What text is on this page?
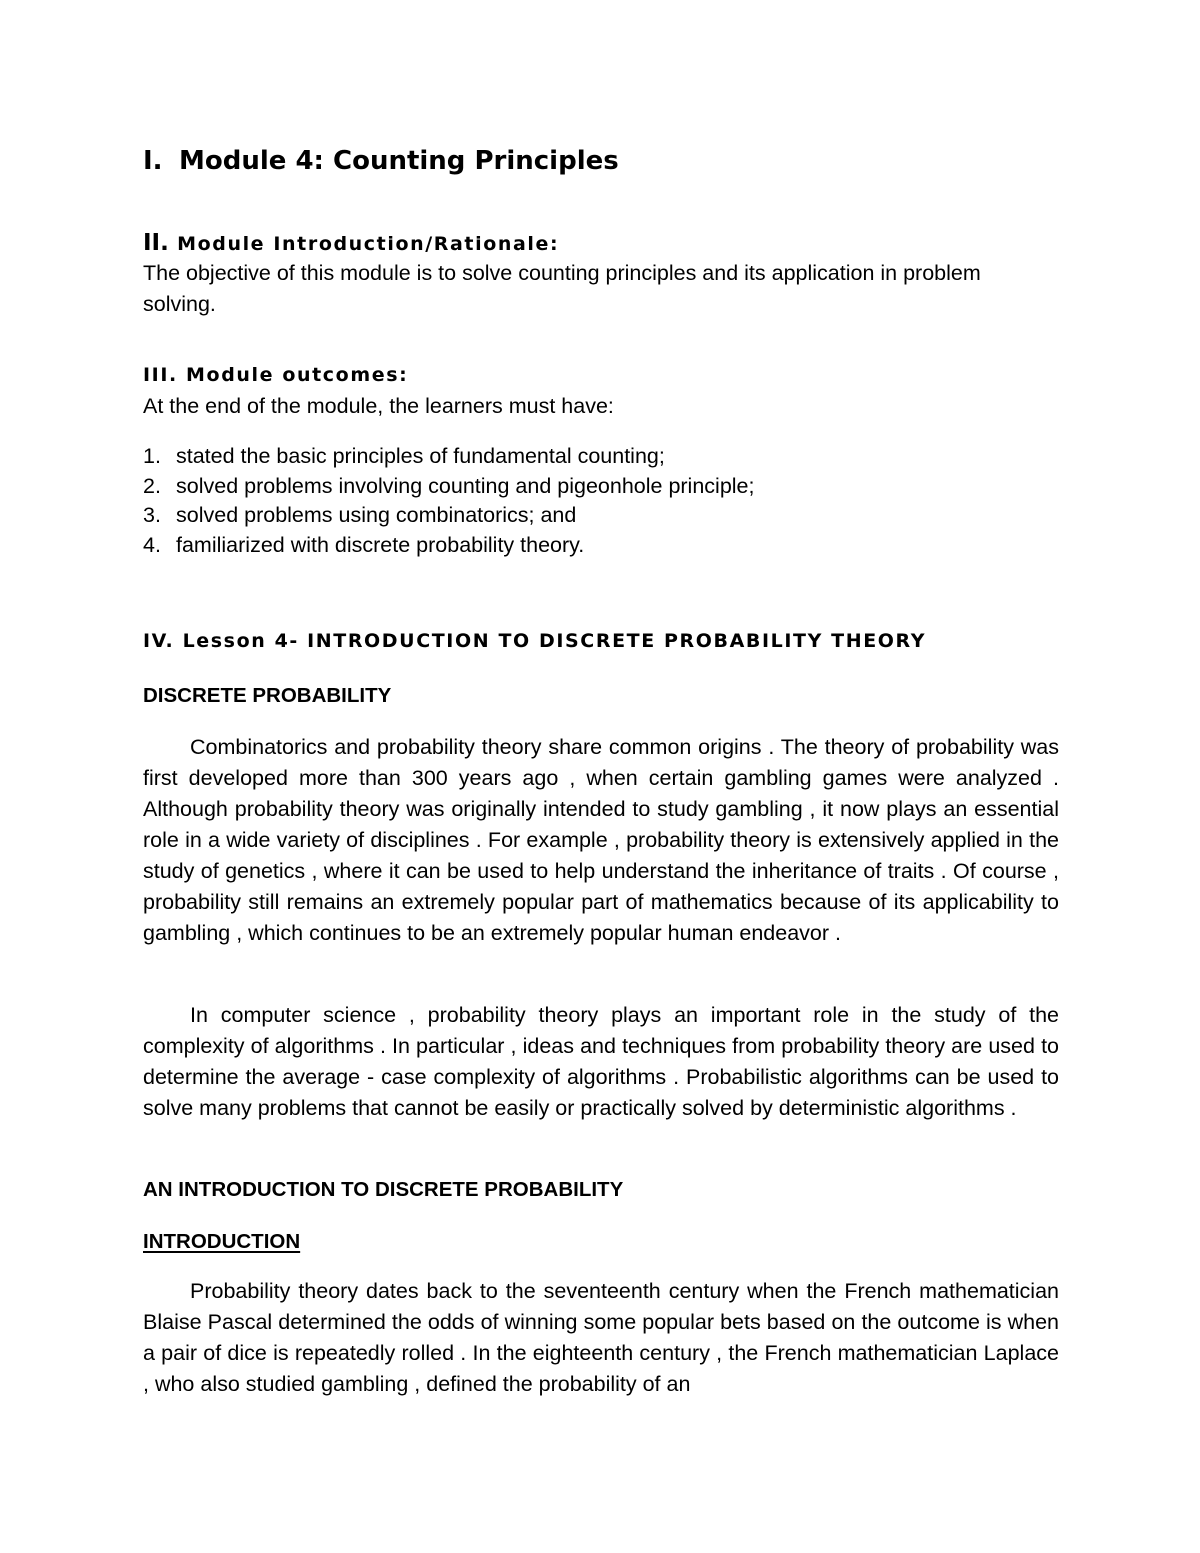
I. Module 4: Counting Principles
II. Module Introduction/Rationale:
The objective of this module is to solve counting principles and its application in problem solving.
III. Module outcomes:
At the end of the module, the learners must have:
1. stated the basic principles of fundamental counting;
2. solved problems involving counting and pigeonhole principle;
3. solved problems using combinatorics; and
4. familiarized with discrete probability theory.
IV. Lesson 4- INTRODUCTION TO DISCRETE PROBABILITY THEORY
DISCRETE PROBABILITY
Combinatorics and probability theory share common origins . The theory of probability was first developed more than 300 years ago , when certain gambling games were analyzed . Although probability theory was originally intended to study gambling , it now plays an essential role in a wide variety of disciplines . For example , probability theory is extensively applied in the study of genetics , where it can be used to help understand the inheritance of traits . Of course , probability still remains an extremely popular part of mathematics because of its applicability to gambling , which continues to be an extremely popular human endeavor .
In computer science , probability theory plays an important role in the study of the complexity of algorithms . In particular , ideas and techniques from probability theory are used to determine the average - case complexity of algorithms . Probabilistic algorithms can be used to solve many problems that cannot be easily or practically solved by deterministic algorithms .
AN INTRODUCTION TO DISCRETE PROBABILITY
INTRODUCTION
Probability theory dates back to the seventeenth century when the French mathematician Blaise Pascal determined the odds of winning some popular bets based on the outcome is when a pair of dice is repeatedly rolled . In the eighteenth century , the French mathematician Laplace , who also studied gambling , defined the probability of an
